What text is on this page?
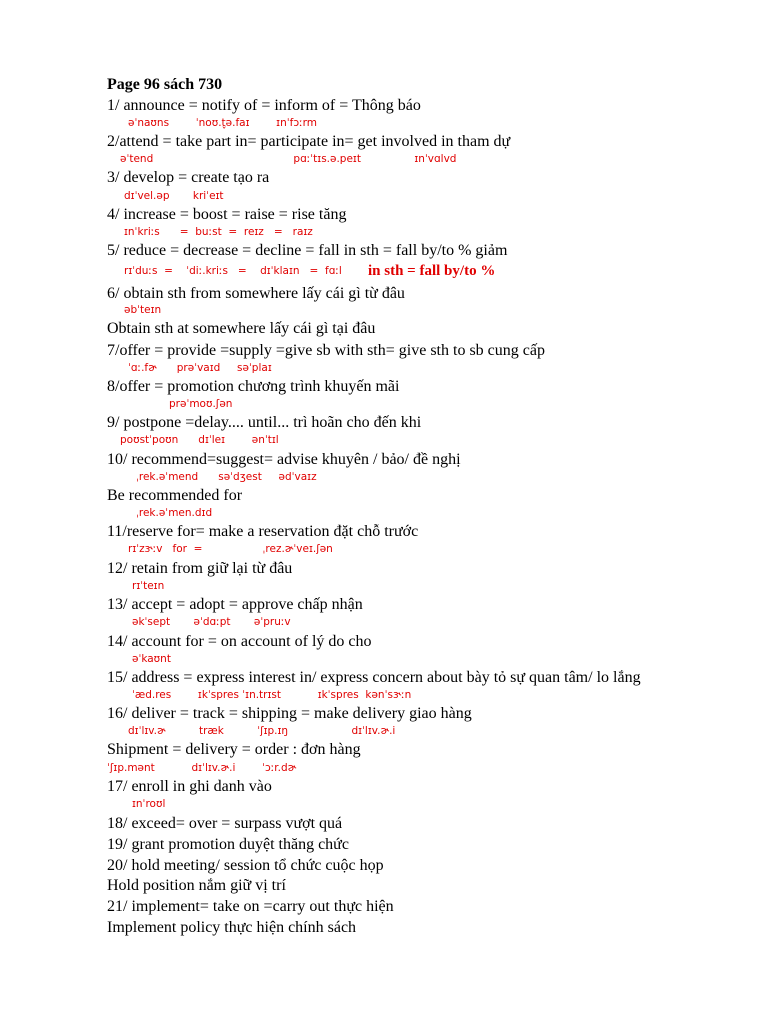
Page 96 sách 730
1/ announce = notify of = inform of = Thông báo
əˈnaʊns        ˈnoʊ.t̬ə.faɪ        ɪnˈfɔːrm
2/attend = take part in= participate in= get involved in tham dự
əˈtend                                          pɑːˈtɪs.ə.peɪt                ɪnˈvɑlvd
3/ develop = create tạo ra
dɪˈvel.əp       kriˈeɪt
4/ increase = boost = raise = rise tăng
ɪnˈkriːs      =  buːst  =  reɪz   =   raɪz
5/ reduce = decrease = decline = fall in sth = fall by/to % giảm
rɪˈduːs  =    ˈdiː.kriːs   =    dɪˈklaɪn   =  fɑːl in sth = fall by/to %
6/ obtain sth from somewhere lấy cái gì từ đâu
əbˈteɪn
Obtain sth at somewhere lấy cái gì tại đâu
7/offer = provide =supply =give sb with sth= give sth to sb cung cấp
ˈɑː.fɚ      prəˈvaɪd     səˈplaɪ
8/offer = promotion chương trình khuyến mãi
prəˈmoʊ.ʃən
9/ postpone =delay.... until... trì hoãn cho đến khi
poʊstˈpoʊn      dɪˈleɪ        ənˈtɪl
10/ recommend=suggest= advise khuyên / bảo/ đề nghị
ˌrek.əˈmend      səˈdʒest     ədˈvaɪz
Be recommended for
ˌrek.əˈmen.dɪd
11/reserve for= make a reservation đặt chỗ trước
rɪˈzɝːv   for  =                  ˌrez.ɚˈveɪ.ʃən
12/ retain from giữ lại từ đâu
rɪˈteɪn
13/ accept = adopt = approve chấp nhận
əkˈsept       əˈdɑːpt       əˈpruːv
14/ account for = on account of lý do cho
əˈkaʊnt
15/ address = express interest in/ express concern about bày tỏ sự quan tâm/ lo lắng
ˈæd.res        ɪkˈspres ˈɪn.trɪst           ɪkˈspres  kənˈsɝːn
16/ deliver = track = shipping = make delivery giao hàng
dɪˈlɪv.ɚ          træk          ˈʃɪp.ɪŋ                   dɪˈlɪv.ɚ.i
Shipment = delivery = order : đơn hàng
ˈʃɪp.mənt           dɪˈlɪv.ɚ.i        ˈɔːr.dɚ
17/ enroll in ghi danh vào
ɪnˈroʊl
18/ exceed= over = surpass vượt quá
19/ grant promotion duyệt thăng chức
20/ hold meeting/ session tổ chức cuộc họp
Hold position nắm giữ vị trí
21/ implement= take on =carry out thực hiện
Implement policy thực hiện chính sách
